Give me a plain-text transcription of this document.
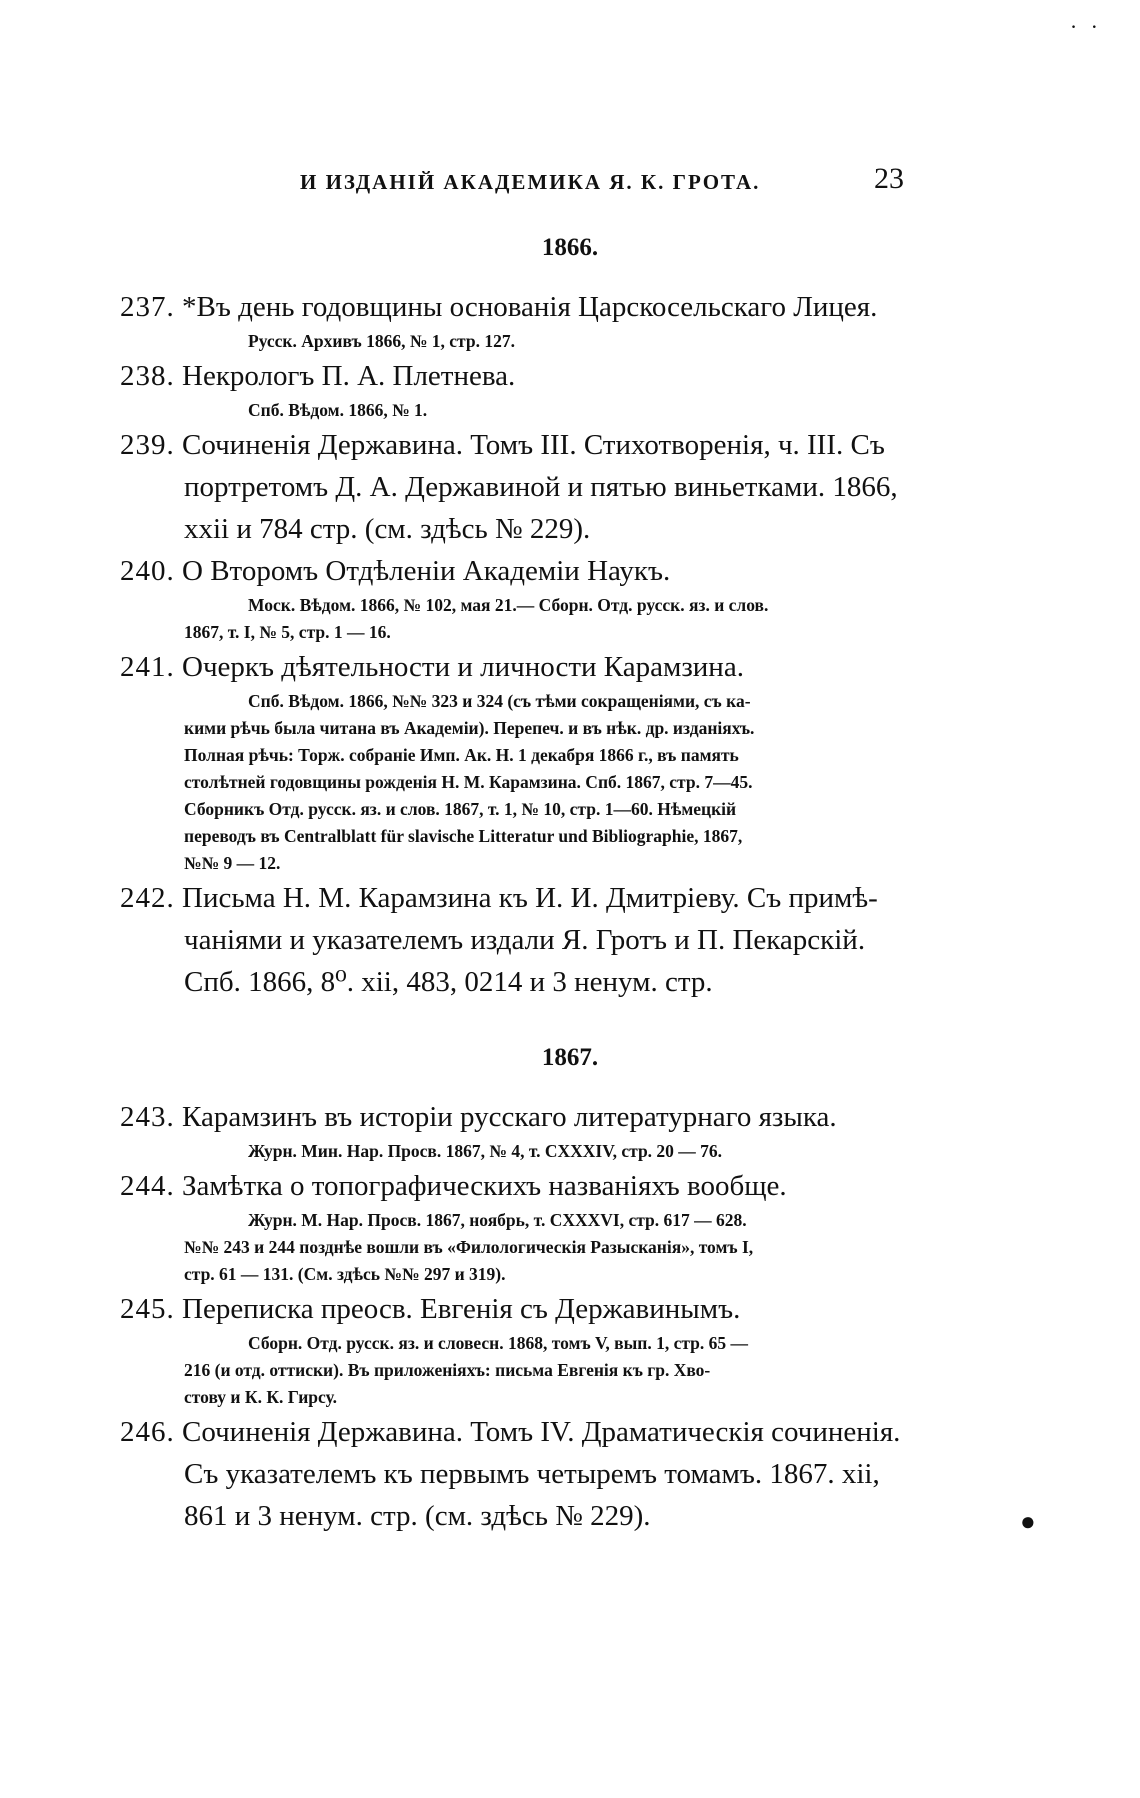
· ·
●
И ИЗДАНІЙ АКАДЕМИКА Я. К. ГРОТА.	23
1866.
237. *Въ день годовщины основанія Царскосельскаго Лицея.
Русск. Архивъ 1866, № 1, стр. 127.
238. Некрологъ П. А. Плетнева.
Спб. Вѣдом. 1866, № 1.
239. Сочиненія Державина. Томъ III. Стихотворенія, ч. III. Съ
портретомъ Д. А. Державиной и пятью виньетками. 1866,
xxii и 784 стр. (см. здѣсь № 229).
240. О Второмъ Отдѣленіи Академіи Наукъ.
Моск. Вѣдом. 1866, № 102, мая 21.— Сборн. Отд. русск. яз. и слов.
1867, т. I, № 5, стр. 1 — 16.
241. Очеркъ дѣятельности и личности Карамзина.
Спб. Вѣдом. 1866, №№ 323 и 324 (съ тѣми сокращеніями, съ ка-
кими рѣчь была читана въ Академіи). Перепеч. и въ нѣк. др. изданіяхъ.
Полная рѣчь: Торж. собраніе Имп. Ак. Н. 1 декабря 1866 г., въ память
столѣтней годовщины рожденія Н. М. Карамзина. Спб. 1867, стр. 7—45.
Сборникъ Отд. русск. яз. и слов. 1867, т. 1, № 10, стр. 1—60. Нѣмецкій
переводъ въ Centralblatt für slavische Litteratur und Bibliographie, 1867,
№№ 9 — 12.
242. Письма Н. М. Карамзина къ И. И. Дмитріеву. Съ примѣ-
чаніями и указателемъ издали Я. Гротъ и П. Пекарскій.
Спб. 1866, 8⁰. xii, 483, 0214 и 3 ненум. стр.
1867.
243. Карамзинъ въ исторіи русскаго литературнаго языка.
Журн. Мин. Нар. Просв. 1867, № 4, т. CXXXIV, стр. 20 — 76.
244. Замѣтка о топографическихъ названіяхъ вообще.
Журн. М. Нар. Просв. 1867, ноябрь, т. CXXXVI, стр. 617 — 628.
№№ 243 и 244 позднѣе вошли въ «Филологическія Разысканія», томъ I,
стр. 61 — 131. (См. здѣсь №№ 297 и 319).
245. Переписка преосв. Евгенія съ Державинымъ.
Сборн. Отд. русск. яз. и словесн. 1868, томъ V, вып. 1, стр. 65 —
216 (и отд. оттиски). Въ приложеніяхъ: письма Евгенія къ гр. Хво-
стову и К. К. Гирсу.
246. Сочиненія Державина. Томъ IV. Драматическія сочиненія.
Съ указателемъ къ первымъ четыремъ томамъ. 1867. xii,
861 и 3 ненум. стр. (см. здѣсь № 229).
